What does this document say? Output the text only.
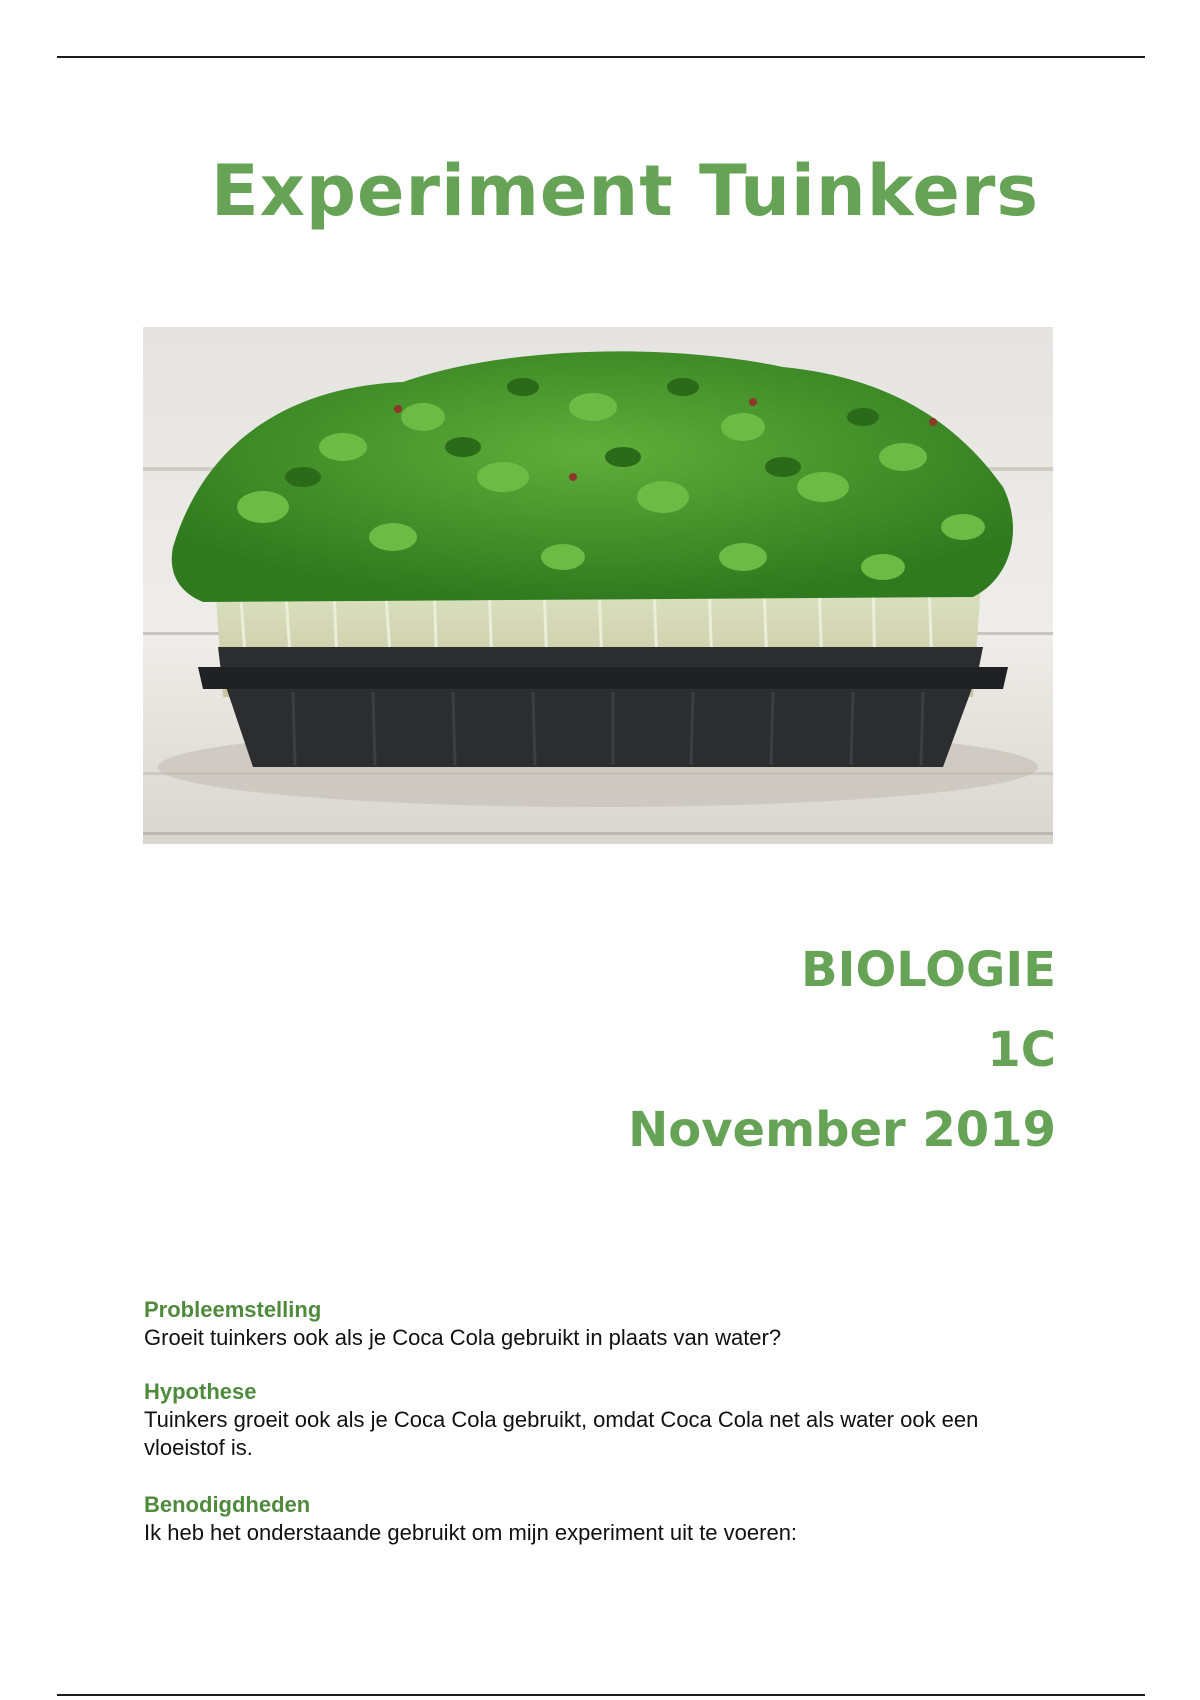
Experiment Tuinkers
BIOLOGIE
1C
November 2019
Probleemstelling
Groeit tuinkers ook als je Coca Cola gebruikt in plaats van water?
Hypothese
Tuinkers groeit ook als je Coca Cola gebruikt, omdat Coca Cola net als water ook een vloeistof is.
Benodigdheden
Ik heb het onderstaande gebruikt om mijn experiment uit te voeren:
